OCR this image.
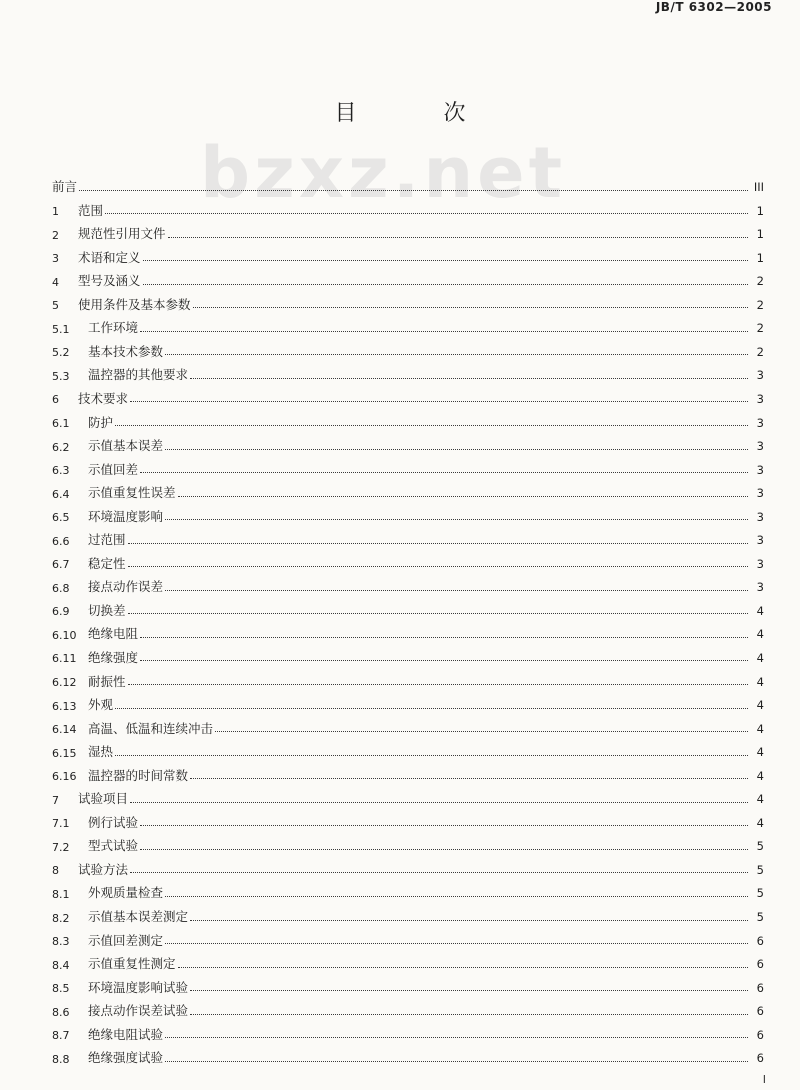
JB/T 6302—2005
目 次
bzxz.net
前言	III
1	范围	1
2	规范性引用文件	1
3	术语和定义	1
4	型号及涵义	2
5	使用条件及基本参数	2
5.1	工作环境	2
5.2	基本技术参数	2
5.3	温控器的其他要求	3
6	技术要求	3
6.1	防护	3
6.2	示值基本误差	3
6.3	示值回差	3
6.4	示值重复性误差	3
6.5	环境温度影响	3
6.6	过范围	3
6.7	稳定性	3
6.8	接点动作误差	3
6.9	切换差	4
6.10 绝缘电阻	4
6.11 绝缘强度	4
6.12 耐振性	4
6.13 外观	4
6.14 高温、低温和连续冲击	4
6.15 湿热	4
6.16 温控器的时间常数	4
7	试验项目	4
7.1	例行试验	4
7.2	型式试验	5
8	试验方法	5
8.1	外观质量检查	5
8.2	示值基本误差测定	5
8.3	示值回差测定	6
8.4	示值重复性测定	6
8.5	环境温度影响试验	6
8.6	接点动作误差试验	6
8.7	绝缘电阻试验	6
8.8	绝缘强度试验	6
I
